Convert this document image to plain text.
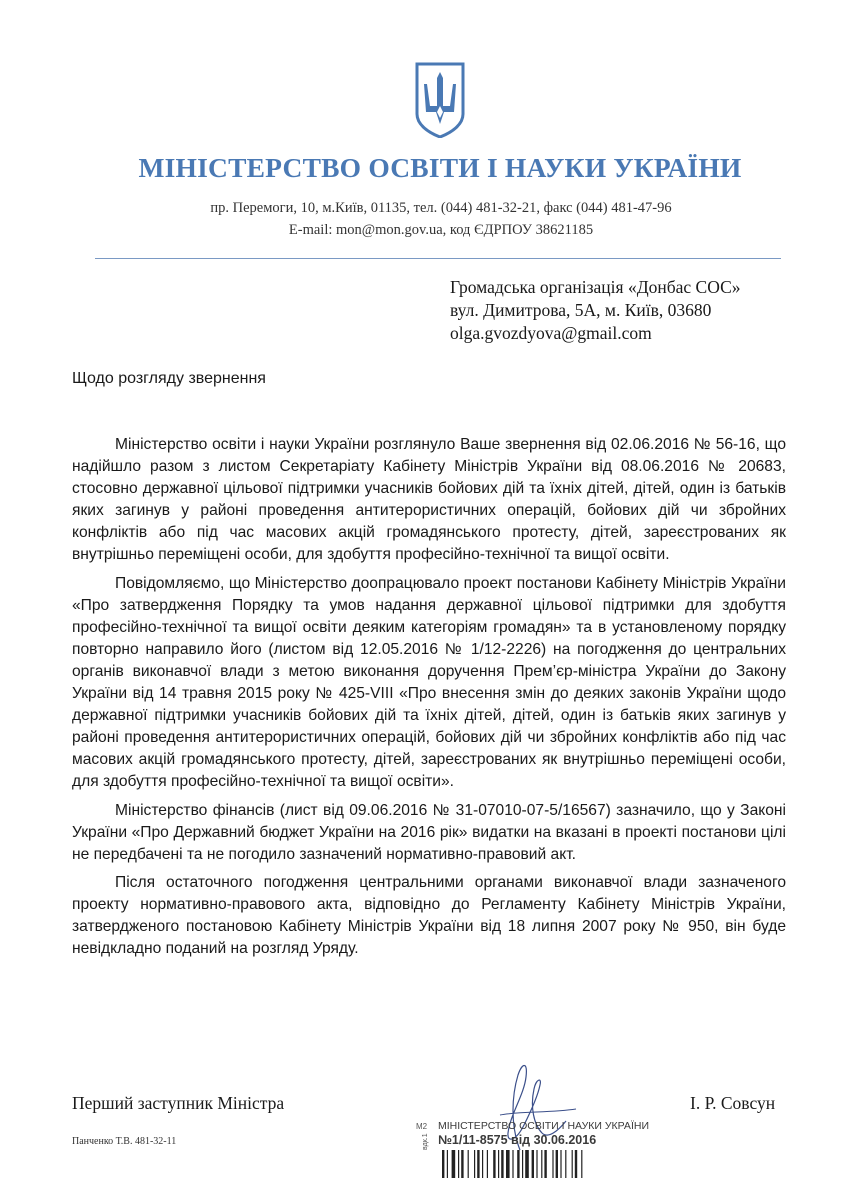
МІНІСТЕРСТВО ОСВІТИ І НАУКИ УКРАЇНИ
пр. Перемоги, 10, м.Київ, 01135, тел. (044) 481-32-21, факс (044) 481-47-96
E-mail: mon@mon.gov.ua, код ЄДРПОУ 38621185
Громадська організація «Донбас СОС»
вул. Димитрова, 5А, м. Київ, 03680
olga.gvozdyova@gmail.com
Щодо розгляду звернення

Міністерство освіти і науки України розглянуло Ваше звернення від 02.06.2016 № 56-16, що надійшло разом з листом Секретаріату Кабінету Міністрів України від 08.06.2016 № 20683, стосовно державної цільової підтримки учасників бойових дій та їхніх дітей, дітей, один із батьків яких загинув у районі проведення антитерористичних операцій, бойових дій чи збройних конфліктів або під час масових акцій громадянського протесту, дітей, зареєстрованих як внутрішньо переміщені особи, для здобуття професійно-технічної та вищої освіти.

Повідомляємо, що Міністерство доопрацювало проект постанови Кабінету Міністрів України «Про затвердження Порядку та умов надання державної цільової підтримки для здобуття професійно-технічної та вищої освіти деяким категоріям громадян» та в установленому порядку повторно направило його (листом від 12.05.2016 № 1/12-2226) на погодження до центральних органів виконавчої влади з метою виконання доручення Прем’єр-міністра України до Закону України від 14 травня 2015 року № 425-VIII «Про внесення змін до деяких законів України щодо державної підтримки учасників бойових дій та їхніх дітей, дітей, один із батьків яких загинув у районі проведення антитерористичних операцій, бойових дій чи збройних конфліктів або під час масових акцій громадянського протесту, дітей, зареєстрованих як внутрішньо переміщені особи, для здобуття професійно-технічної та вищої освіти».

Міністерство фінансів (лист від 09.06.2016 № 31-07010-07-5/16567) зазначило, що у Законі України «Про Державний бюджет України на 2016 рік» видатки на вказані в проекті постанови цілі не передбачені та не погодило зазначений нормативно-правовий акт.

Після остаточного погодження центральними органами виконавчої влади зазначеного проекту нормативно-правового акта, відповідно до Регламенту Кабінету Міністрів України, затвердженого постановою Кабінету Міністрів України від 18 липня 2007 року № 950, він буде невідкладно поданий на розгляд Уряду.

Перший заступник Міністра	І. Р. Совсун
Панченко Т.В. 481-32-11
М2 МІНІСТЕРСТВО ОСВІТИ І НАУКИ УКРАЇНИ
№1/11-8575 від 30.06.2016
вдк.1
